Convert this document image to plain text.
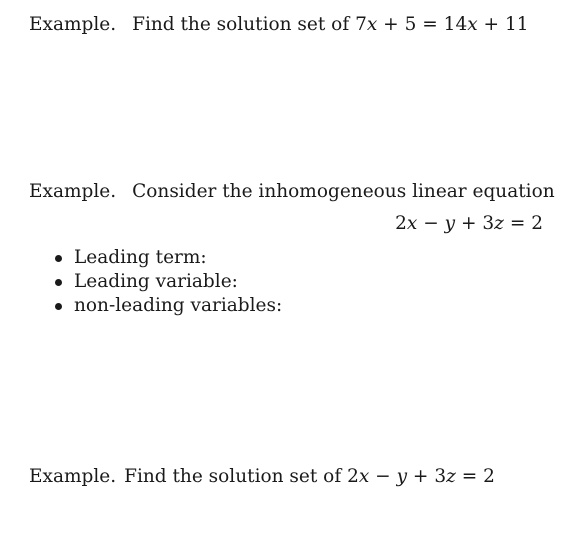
Example. Find the solution set of 7x + 5 = 14x + 11
Example. Consider the inhomogeneous linear equation
2x − y + 3z = 2
Leading term:
Leading variable:
non-leading variables:
Example. Find the solution set of 2x − y + 3z = 2
